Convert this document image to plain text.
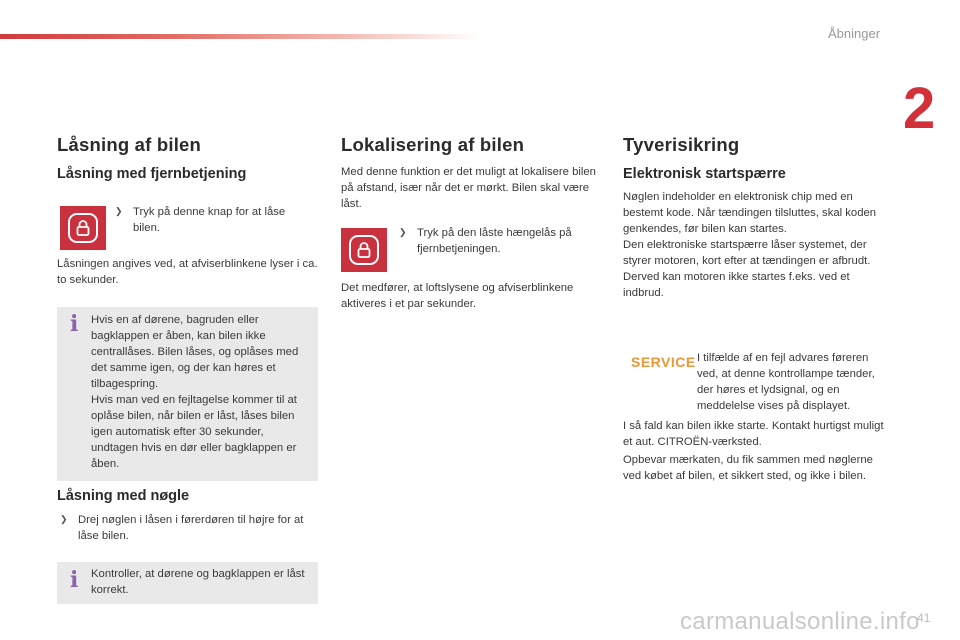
Åbninger
2
Låsning af bilen
Låsning med fjernbetjening
❯ Tryk på denne knap for at låse bilen.

Låsningen angives ved, at afviserblinkene lyser i ca. to sekunder.

i Hvis en af dørene, bagruden eller bagklappen er åben, kan bilen ikke centrallåses. Bilen låses, og oplåses med det samme igen, og der kan høres et tilbagespring.
Hvis man ved en fejltagelse kommer til at oplåse bilen, når bilen er låst, låses bilen igen automatisk efter 30 sekunder, undtagen hvis en dør eller bagklappen er åben.
Låsning med nøgle
❯ Drej nøglen i låsen i førerdøren til højre for at låse bilen.
i Kontroller, at dørene og bagklappen er låst korrekt.
Lokalisering af bilen

Med denne funktion er det muligt at lokalisere bilen på afstand, især når det er mørkt. Bilen skal være låst.

❯ Tryk på den låste hængelås på fjernbetjeningen.

Det medfører, at loftslysene og afviserblinkene aktiveres i et par sekunder.

Tyverisikring
Elektronisk startspærre

Nøglen indeholder en elektronisk chip med en bestemt kode. Når tændingen tilsluttes, skal koden genkendes, før bilen kan startes.
Den elektroniske startspærre låser systemet, der styrer motoren, kort efter at tændingen er afbrudt. Derved kan motoren ikke startes f.eks. ved et indbrud.

SERVICE I tilfælde af en fejl advares føreren ved, at denne kontrollampe tænder, der høres et lydsignal, og en meddelelse vises på displayet.

I så fald kan bilen ikke starte. Kontakt hurtigst muligt et aut. CITROËN-værksted.

Opbevar mærkaten, du fik sammen med nøglerne ved købet af bilen, et sikkert sted, og ikke i bilen.

carmanualsonline.info
41
